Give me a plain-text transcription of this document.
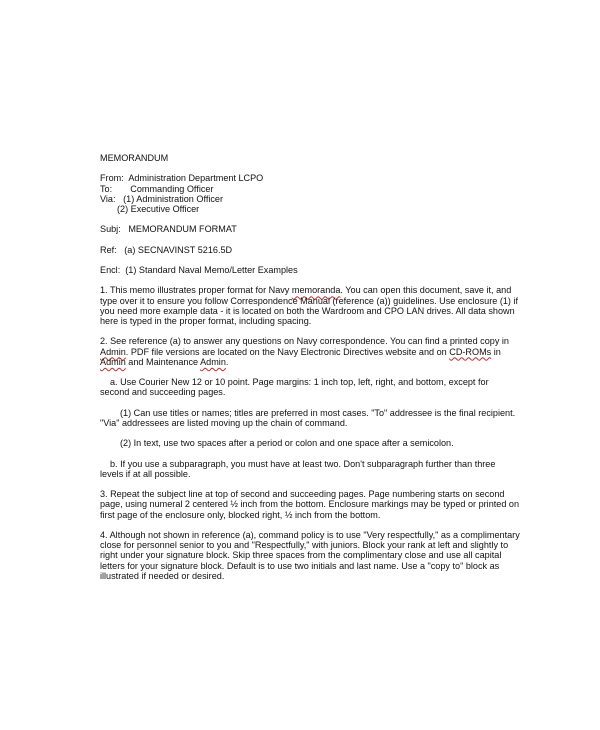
MEMORANDUM
From: Administration Department LCPO
To: Commanding Officer
Via: (1) Administration Officer
(2) Executive Officer
Subj: MEMORANDUM FORMAT
Ref: (a) SECNAVINST 5216.5D
Encl: (1) Standard Naval Memo/Letter Examples
1. This memo illustrates proper format for Navy memoranda. You can open this document, save it, and
type over it to ensure you follow Correspondence Manual (reference (a)) guidelines. Use enclosure (1) if
you need more example data - it is located on both the Wardroom and CPO LAN drives. All data shown
here is typed in the proper format, including spacing.
2. See reference (a) to answer any questions on Navy correspondence. You can find a printed copy in
Admin. PDF file versions are located on the Navy Electronic Directives website and on CD-ROMs in
Admin and Maintenance Admin.
a. Use Courier New 12 or 10 point. Page margins: 1 inch top, left, right, and bottom, except for
second and succeeding pages.
(1) Can use titles or names; titles are preferred in most cases. "To" addressee is the final recipient.
"Via" addressees are listed moving up the chain of command.
(2) In text, use two spaces after a period or colon and one space after a semicolon.
b. If you use a subparagraph, you must have at least two. Don't subparagraph further than three
levels if at all possible.
3. Repeat the subject line at top of second and succeeding pages. Page numbering starts on second
page, using numeral 2 centered ½ inch from the bottom. Enclosure markings may be typed or printed on
first page of the enclosure only, blocked right, ½ inch from the bottom.
4. Although not shown in reference (a), command policy is to use "Very respectfully," as a complimentary
close for personnel senior to you and "Respectfully," with juniors. Block your rank at left and slightly to
right under your signature block. Skip three spaces from the complimentary close and use all capital
letters for your signature block. Default is to use two initials and last name. Use a "copy to" block as
illustrated if needed or desired.
